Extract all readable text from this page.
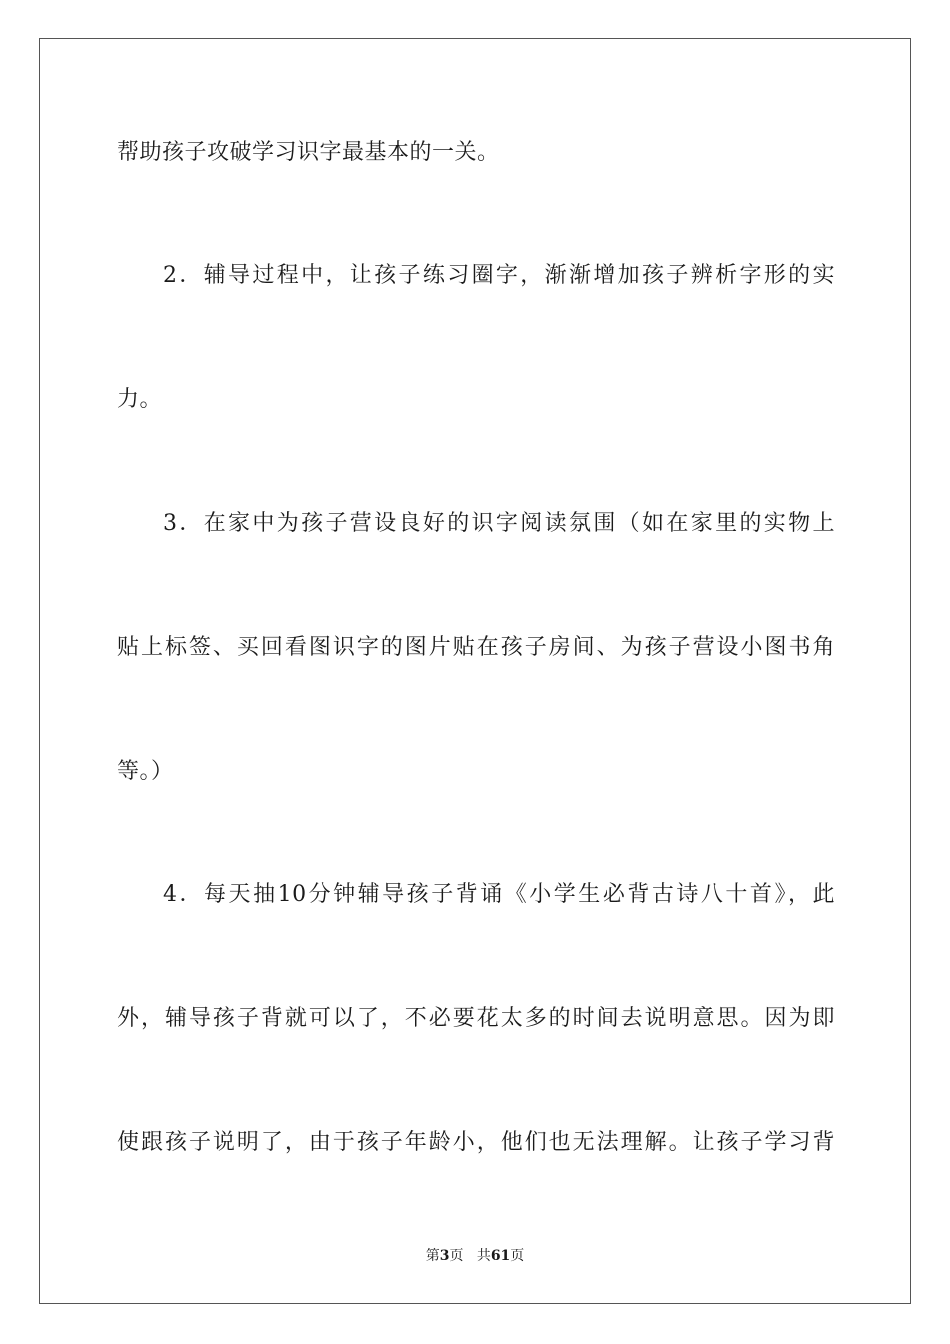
帮助孩子攻破学习识字最基本的一关。
2．辅导过程中，让孩子练习圈字，渐渐增加孩子辨析字形的实
力。
3．在家中为孩子营设良好的识字阅读氛围（如在家里的实物上
贴上标签、买回看图识字的图片贴在孩子房间、为孩子营设小图书角
等。）
4．每天抽10分钟辅导孩子背诵《小学生必背古诗八十首》，此
外，辅导孩子背就可以了，不必要花太多的时间去说明意思。因为即
使跟孩子说明了，由于孩子年龄小，他们也无法理解。让孩子学习背
第3页 共61页
